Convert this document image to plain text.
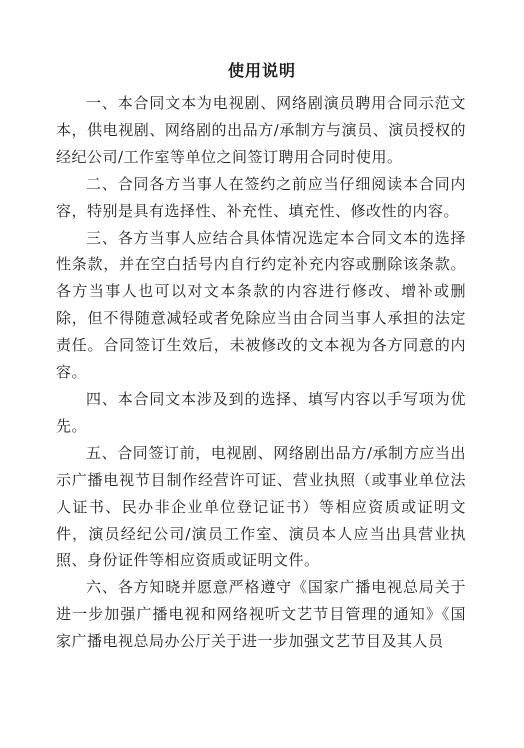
使用说明

一、本合同文本为电视剧、网络剧演员聘用合同示范文本，供电视剧、网络剧的出品方/承制方与演员、演员授权的经纪公司/工作室等单位之间签订聘用合同时使用。

二、合同各方当事人在签约之前应当仔细阅读本合同内容，特别是具有选择性、补充性、填充性、修改性的内容。

三、各方当事人应结合具体情况选定本合同文本的选择性条款，并在空白括号内自行约定补充内容或删除该条款。各方当事人也可以对文本条款的内容进行修改、增补或删除，但不得随意减轻或者免除应当由合同当事人承担的法定责任。合同签订生效后，未被修改的文本视为各方同意的内容。

四、本合同文本涉及到的选择、填写内容以手写项为优先。

五、合同签订前，电视剧、网络剧出品方/承制方应当出示广播电视节目制作经营许可证、营业执照（或事业单位法人证书、民办非企业单位登记证书）等相应资质或证明文件，演员经纪公司/演员工作室、演员本人应当出具营业执照、身份证件等相应资质或证明文件。

六、各方知晓并愿意严格遵守《国家广播电视总局关于进一步加强广播电视和网络视听文艺节目管理的通知》《国家广播电视总局办公厅关于进一步加强文艺节目及其人员
